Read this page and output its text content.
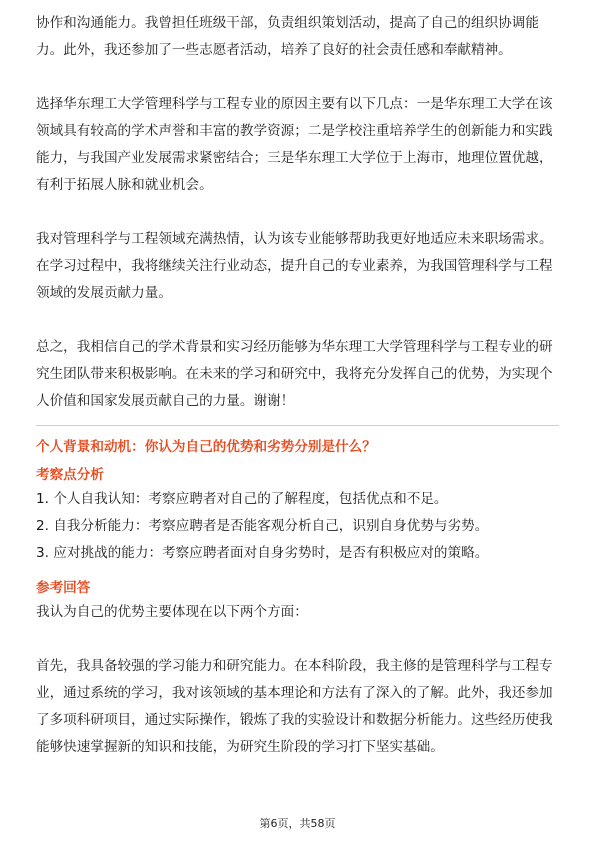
协作和沟通能力。我曾担任班级干部，负责组织策划活动，提高了自己的组织协调能力。此外，我还参加了一些志愿者活动，培养了良好的社会责任感和奉献精神。

选择华东理工大学管理科学与工程专业的原因主要有以下几点：一是华东理工大学在该领域具有较高的学术声誉和丰富的教学资源；二是学校注重培养学生的创新能力和实践能力，与我国产业发展需求紧密结合；三是华东理工大学位于上海市，地理位置优越，有利于拓展人脉和就业机会。

我对管理科学与工程领域充满热情，认为该专业能够帮助我更好地适应未来职场需求。在学习过程中，我将继续关注行业动态，提升自己的专业素养，为我国管理科学与工程领域的发展贡献力量。

总之，我相信自己的学术背景和实习经历能够为华东理工大学管理科学与工程专业的研究生团队带来积极影响。在未来的学习和研究中，我将充分发挥自己的优势，为实现个人价值和国家发展贡献自己的力量。谢谢！

个人背景和动机：你认为自己的优势和劣势分别是什么？
考察点分析
1. 个人自我认知：考察应聘者对自己的了解程度，包括优点和不足。
2. 自我分析能力：考察应聘者是否能客观分析自己，识别自身优势与劣势。
3. 应对挑战的能力：考察应聘者面对自身劣势时，是否有积极应对的策略。
参考回答

我认为自己的优势主要体现在以下两个方面：

首先，我具备较强的学习能力和研究能力。在本科阶段，我主修的是管理科学与工程专业，通过系统的学习，我对该领域的基本理论和方法有了深入的了解。此外，我还参加了多项科研项目，通过实际操作，锻炼了我的实验设计和数据分析能力。这些经历使我能够快速掌握新的知识和技能，为研究生阶段的学习打下坚实基础。

第6页，共58页
